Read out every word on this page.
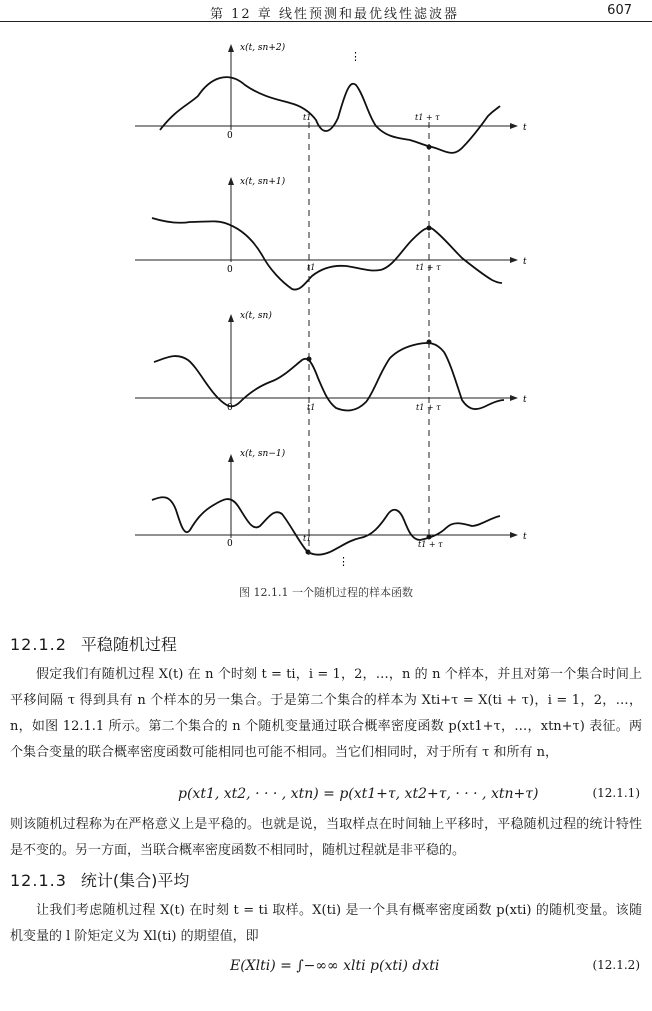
第 12 章 线性预测和最优线性滤波器	607
x(t, sn+2)
0
t
t1	t1 + τ
⋮
x(t, sn+1)
0
t
t1	t1 + τ
x(t, sn)
0
t
t1	t1 + τ
x(t, sn−1)
0
t
t1
t1 + τ
⋮
图 12.1.1 一个随机过程的样本函数
12.1.2 平稳随机过程
假定我们有随机过程 X(t) 在 n 个时刻 t = ti，i = 1，2，…，n 的 n 个样本，并且对第一个集合时间上平移间隔 τ 得到具有 n 个样本的另一集合。于是第二个集合的样本为 Xti+τ = X(ti + τ)，i = 1，2，…，n，如图 12.1.1 所示。第二个集合的 n 个随机变量通过联合概率密度函数 p(xt1+τ，…，xtn+τ) 表征。两个集合变量的联合概率密度函数可能相同也可能不相同。当它们相同时，对于所有 τ 和所有 n，
p(xt1, xt2, · · · , xtn) = p(xt1+τ, xt2+τ, · · · , xtn+τ)	(12.1.1)
则该随机过程称为在严格意义上是平稳的。也就是说，当取样点在时间轴上平移时，平稳随机过程的统计特性是不变的。另一方面，当联合概率密度函数不相同时，随机过程就是非平稳的。
12.1.3 统计(集合)平均
让我们考虑随机过程 X(t) 在时刻 t = ti 取样。X(ti) 是一个具有概率密度函数 p(xti) 的随机变量。该随机变量的 l 阶矩定义为 Xl(ti) 的期望值，即
E(Xlti) = ∫−∞∞ xlti p(xti) dxti	(12.1.2)
